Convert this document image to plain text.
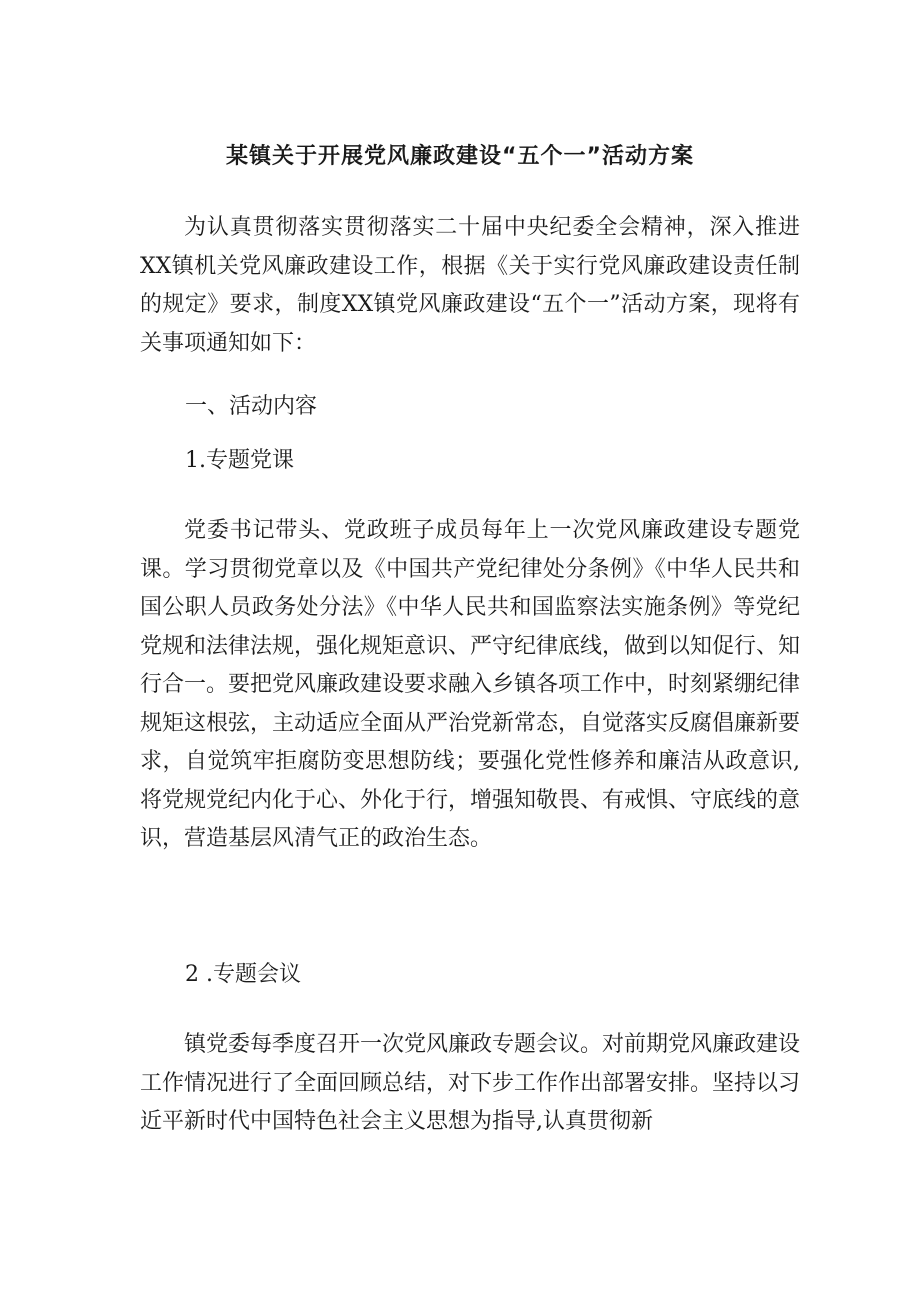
某镇关于开展党风廉政建设“五个一”活动方案

为认真贯彻落实贯彻落实二十届中央纪委全会精神，深入推进XX镇机关党风廉政建设工作，根据《关于实行党风廉政建设责任制的规定》要求，制度XX镇党风廉政建设“五个一”活动方案，现将有关事项通知如下：

一、活动内容
1.专题党课

党委书记带头、党政班子成员每年上一次党风廉政建设专题党课。学习贯彻党章以及《中国共产党纪律处分条例》《中华人民共和国公职人员政务处分法》《中华人民共和国监察法实施条例》等党纪党规和法律法规，强化规矩意识、严守纪律底线，做到以知促行、知行合一。要把党风廉政建设要求融入乡镇各项工作中，时刻紧绷纪律规矩这根弦，主动适应全面从严治党新常态，自觉落实反腐倡廉新要求，自觉筑牢拒腐防变思想防线；要强化党性修养和廉洁从政意识,将党规党纪内化于心、外化于行，增强知敬畏、有戒惧、守底线的意识，营造基层风清气正的政治生态。

2 .专题会议

镇党委每季度召开一次党风廉政专题会议。对前期党风廉政建设工作情况进行了全面回顾总结，对下步工作作出部署安排。坚持以习近平新时代中国特色社会主义思想为指导,认真贯彻新
